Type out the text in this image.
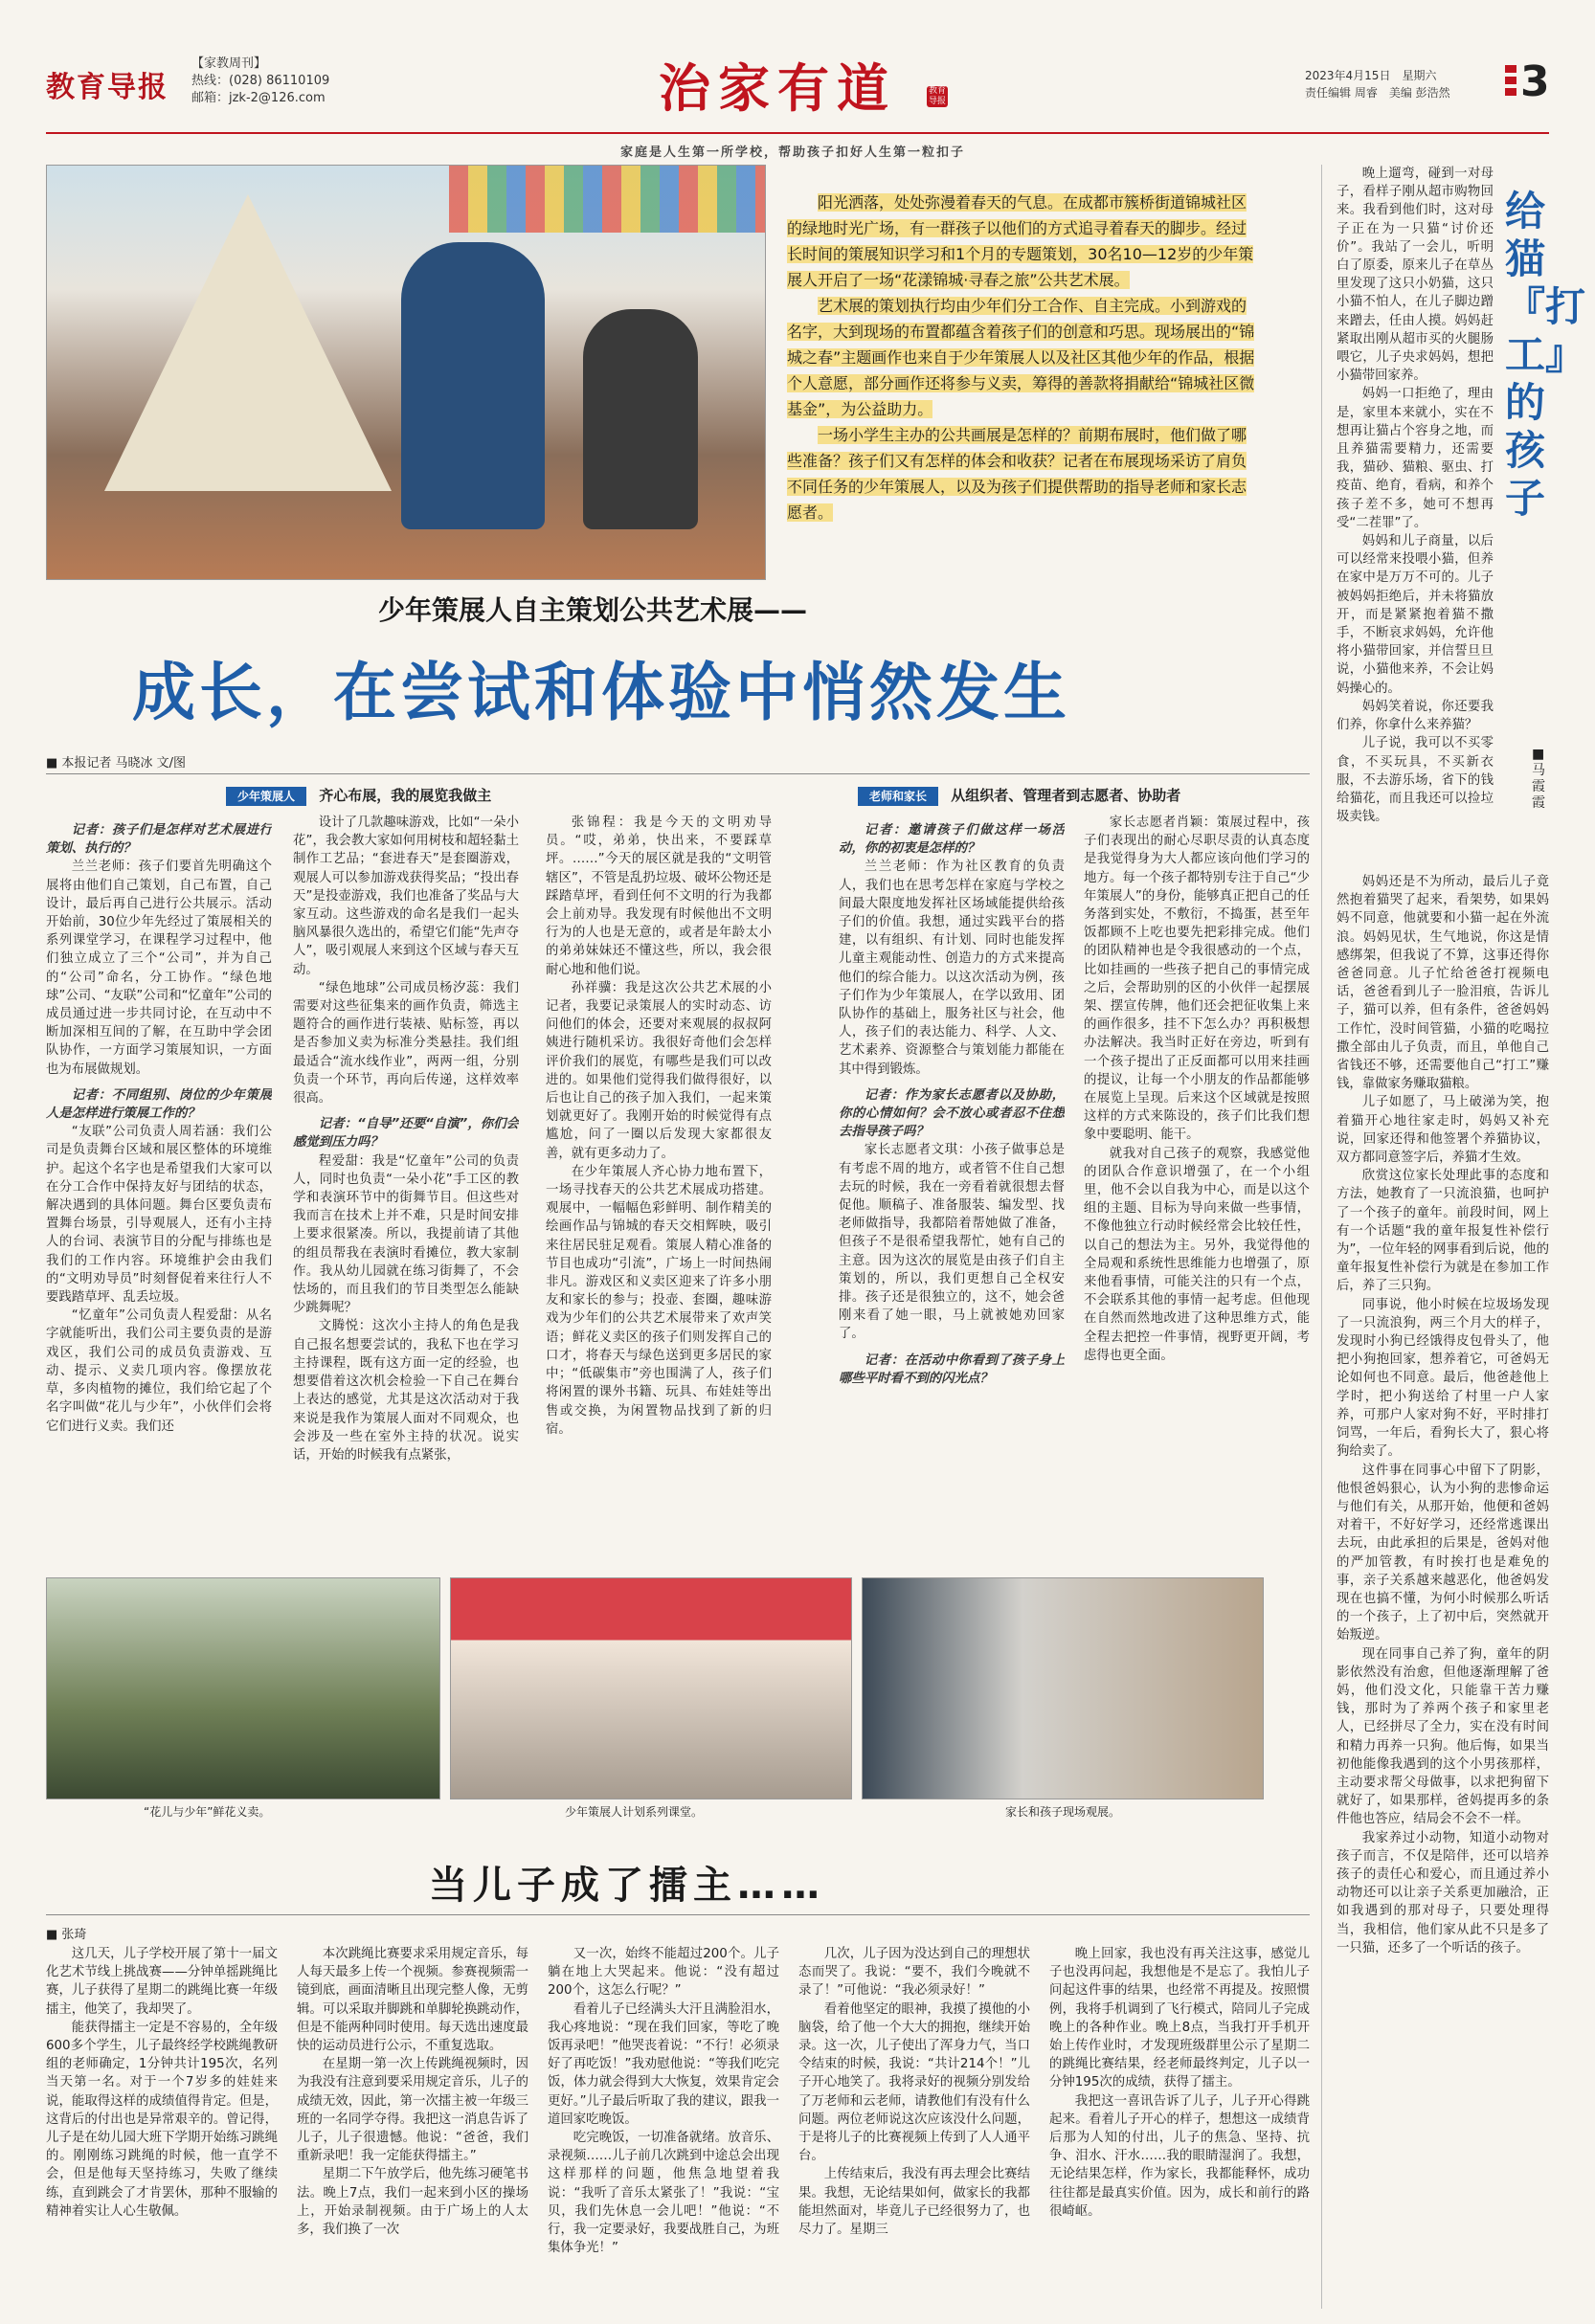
教育导报
【家教周刊】
热线：(028) 86110109
邮箱：jzk-2@126.com	治家有道	教育
导报
家庭是人生第一所学校，帮助孩子扣好人生第一粒扣子
2023年4月15日　星期六
责任编辑 周睿　美编 彭浩然	3

阳光洒落，处处弥漫着春天的气息。在成都市簇桥街道锦城社区的绿地时光广场，有一群孩子以他们的方式追寻着春天的脚步。经过长时间的策展知识学习和1个月的专题策划，30名10—12岁的少年策展人开启了一场“花漾锦城·寻春之旅”公共艺术展。

艺术展的策划执行均由少年们分工合作、自主完成。小到游戏的名字，大到现场的布置都蕴含着孩子们的创意和巧思。现场展出的“锦城之春”主题画作也来自于少年策展人以及社区其他少年的作品，根据个人意愿，部分画作还将参与义卖，筹得的善款将捐献给“锦城社区微基金”，为公益助力。

一场小学生主办的公共画展是怎样的？前期布展时，他们做了哪些准备？孩子们又有怎样的体会和收获？记者在布展现场采访了肩负不同任务的少年策展人，以及为孩子们提供帮助的指导老师和家长志愿者。

少年策展人自主策划公共艺术展——
成长，在尝试和体验中悄然发生
■ 本报记者 马晓冰 文/图
少年策展人 齐心布展，我的展览我做主	老师和家长 从组织者、管理者到志愿者、协助者

记者：孩子们是怎样对艺术展进行策划、执行的？

兰兰老师：孩子们要首先明确这个展将由他们自己策划，自己布置，自己设计，最后再自己进行公共展示。活动开始前，30位少年先经过了策展相关的系列课堂学习，在课程学习过程中，他们独立成立了三个“公司”，并为自己的“公司”命名，分工协作。“绿色地球”公司、“友联”公司和“忆童年”公司的成员通过进一步共同讨论，在互动中不断加深相互间的了解，在互助中学会团队协作，一方面学习策展知识，一方面也为布展做规划。

记者：不同组别、岗位的少年策展人是怎样进行策展工作的？

“友联”公司负责人周若涵：我们公司是负责舞台区域和展区整体的环境维护。起这个名字也是希望我们大家可以在分工合作中保持友好与团结的状态，解决遇到的具体问题。舞台区要负责布置舞台场景，引导观展人，还有小主持人的台词、表演节目的分配与排练也是我们的工作内容。环境维护会由我们的“文明劝导员”时刻督促着来往行人不要践踏草坪、乱丢垃圾。

“忆童年”公司负责人程爱甜：从名字就能听出，我们公司主要负责的是游戏区，我们公司的成员负责游戏、互动、提示、义卖几项内容。像摆放花草，多肉植物的摊位，我们给它起了个名字叫做“花儿与少年”，小伙伴们会将它们进行义卖。我们还

设计了几款趣味游戏，比如“一朵小花”，我会教大家如何用树枝和超轻黏土制作工艺品；“套进春天”是套圈游戏，观展人可以参加游戏获得奖品；“投出春天”是投壶游戏，我们也准备了奖品与大家互动。这些游戏的命名是我们一起头脑风暴很久选出的，希望它们能“先声夺人”，吸引观展人来到这个区域与春天互动。

“绿色地球”公司成员杨汐蕊：我们需要对这些征集来的画作负责，筛选主题符合的画作进行装裱、贴标签，再以是否参加义卖为标准分类悬挂。我们组最适合“流水线作业”，两两一组，分别负责一个环节，再向后传递，这样效率很高。

记者：“自导”还要“自演”，你们会感觉到压力吗？

程爱甜：我是“忆童年”公司的负责人，同时也负责“一朵小花”手工区的教学和表演环节中的街舞节目。但这些对我而言在技术上并不难，只是时间安排上要求很紧凑。所以，我提前请了其他的组员帮我在表演时看摊位，教大家制作。我从幼儿园就在练习街舞了，不会怯场的，而且我们的节目类型怎么能缺少跳舞呢？

文腾悦：这次小主持人的角色是我自己报名想要尝试的，我私下也在学习主持课程，既有这方面一定的经验，也想要借着这次机会检验一下自己在舞台上表达的感觉，尤其是这次活动对于我来说是我作为策展人面对不同观众，也会涉及一些在室外主持的状况。说实话，开始的时候我有点紧张，

张锦程：我是今天的文明劝导员。“哎，弟弟，快出来，不要踩草坪。……”今天的展区就是我的“文明管辖区”，不管是乱扔垃圾、破坏公物还是踩踏草坪，看到任何不文明的行为我都会上前劝导。我发现有时候他出不文明行为的人也是无意的，或者是年龄太小的弟弟妹妹还不懂这些，所以，我会很耐心地和他们说。

孙祥骥：我是这次公共艺术展的小记者，我要记录策展人的实时动态、访问他们的体会，还要对来观展的叔叔阿姨进行随机采访。我很好奇他们会怎样评价我们的展览，有哪些是我们可以改进的。如果他们觉得我们做得很好，以后也让自己的孩子加入我们，一起来策划就更好了。我刚开始的时候觉得有点尴尬，问了一圈以后发现大家都很友善，就有更多动力了。

在少年策展人齐心协力地布置下，一场寻找春天的公共艺术展成功搭建。观展中，一幅幅色彩鲜明、制作精美的绘画作品与锦城的春天交相辉映，吸引来往居民驻足观看。策展人精心准备的节目也成功“引流”，广场上一时间热闹非凡。游戏区和义卖区迎来了许多小朋友和家长的参与；投壶、套圈，趣味游戏为少年们的公共艺术展带来了欢声笑语；鲜花义卖区的孩子们则发挥自己的口才，将春天与绿色送到更多居民的家中；“低碳集市”旁也围满了人，孩子们将闲置的课外书籍、玩具、布娃娃等出售或交换，为闲置物品找到了新的归宿。

记者：邀请孩子们做这样一场活动，你的初衷是怎样的？

兰兰老师：作为社区教育的负责人，我们也在思考怎样在家庭与学校之间最大限度地发挥社区场域能提供给孩子们的价值。我想，通过实践平台的搭建，以有组织、有计划、同时也能发挥儿童主观能动性、创造力的方式来提高他们的综合能力。以这次活动为例，孩子们作为少年策展人，在学以致用、团队协作的基础上，服务社区与社会，他人，孩子们的表达能力、科学、人文、艺术素养、资源整合与策划能力都能在其中得到锻炼。

记者：作为家长志愿者以及协助，你的心情如何？会不放心或者忍不住想去指导孩子吗？

家长志愿者文琪：小孩子做事总是有考虑不周的地方，或者管不住自己想去玩的时候，我在一旁看着就很想去督促他。顺稿子、准备服装、编发型、找老师做指导，我都陪着帮她做了准备，但孩子不是很希望我帮忙，她有自己的主意。因为这次的展览是由孩子们自主策划的，所以，我们更想自己全权安排。孩子还是很独立的，这不，她会爸刚来看了她一眼，马上就被她劝回家了。

记者：在活动中你看到了孩子身上哪些平时看不到的闪光点？

家长志愿者肖颖：策展过程中，孩子们表现出的耐心尽职尽责的认真态度是我觉得身为大人都应该向他们学习的地方。每一个孩子都特别专注于自己“少年策展人”的身份，能够真正把自己的任务落到实处，不敷衍，不捣蛋，甚至年饭都顾不上吃也要先把彩排完成。他们的团队精神也是令我很感动的一个点，比如挂画的一些孩子把自己的事情完成之后，会帮助别的区的小伙伴一起摆展架、摆宣传牌，他们还会把征收集上来的画作很多，挂不下怎么办？再积极想办法解决。我当时正好在旁边，听到有一个孩子提出了正反面都可以用来挂画的提议，让每一个小朋友的作品都能够在展览上呈现。后来这个区域就是按照这样的方式来陈设的，孩子们比我们想象中要聪明、能干。

就我对自己孩子的观察，我感觉他的团队合作意识增强了，在一个小组里，他不会以自我为中心，而是以这个组的主题、目标为导向来做一些事情，不像他独立行动时候经常会比较任性，以自己的想法为主。另外，我觉得他的全局观和系统性思维能力也增强了，原来他看事情，可能关注的只有一个点，不会联系其他的事情一起考虑。但他现在自然而然地改进了这种思维方式，能全程去把控一件事情，视野更开阔，考虑得也更全面。

“花儿与少年”鲜花义卖。	少年策展人计划系列课堂。	家长和孩子现场观展。
当儿子成了擂主……
■ 张琦

这几天，儿子学校开展了第十一届文化艺术节线上挑战赛——分钟单摇跳绳比赛，儿子获得了星期二的跳绳比赛一年级擂主，他笑了，我却哭了。

能获得擂主一定是不容易的，全年级600多个学生，儿子最终经学校跳绳教研组的老师确定，1分钟共计195次，名列当天第一名。对于一个7岁多的娃娃来说，能取得这样的成绩值得肯定。但是，这背后的付出也是异常艰辛的。曾记得，儿子是在幼儿园大班下学期开始练习跳绳的。刚刚练习跳绳的时候，他一直学不会，但是他每天坚持练习，失败了继续练，直到跳会了才肯罢休，那种不服输的精神着实让人心生敬佩。

本次跳绳比赛要求采用规定音乐，每人每天最多上传一个视频。参赛视频需一镜到底，画面清晰且出现完整人像，无剪辑。可以采取并脚跳和单脚轮换跳动作，但是不能两种同时使用。每天选出速度最快的运动员进行公示，不重复选取。

在星期一第一次上传跳绳视频时，因为我没有注意到要采用规定音乐，儿子的成绩无效，因此，第一次擂主被一年级三班的一名同学夺得。我把这一消息告诉了儿子，儿子很遗憾。他说：“爸爸，我们重新录吧！我一定能获得擂主。”

星期二下午放学后，他先练习硬笔书法。晚上7点，我们一起来到小区的操场上，开始录制视频。由于广场上的人太多，我们换了一次

又一次，始终不能超过200个。儿子躺在地上大哭起来。他说：“没有超过200个，这怎么行呢？”

看着儿子已经满头大汗且满脸泪水，我心疼地说：“现在我们回家，等吃了晚饭再录吧！”他哭丧着说：“不行！必须录好了再吃饭！”我劝慰他说：“等我们吃完饭，体力就会得到大大恢复，效果肯定会更好。”儿子最后听取了我的建议，跟我一道回家吃晚饭。

吃完晚饭，一切准备就绪。放音乐、录视频……儿子前几次跳到中途总会出现这样那样的问题，他焦急地望着我说：“我听了音乐太紧张了！”我说：“宝贝，我们先休息一会儿吧！”他说：“不行，我一定要录好，我要战胜自己，为班集体争光！”

几次，儿子因为没达到自己的理想状态而哭了。我说：“要不，我们今晚就不录了！”可他说：“我必须录好！”

看着他坚定的眼神，我摸了摸他的小脑袋，给了他一个大大的拥抱，继续开始录。这一次，儿子使出了浑身力气，当口令结束的时候，我说：“共计214个！”儿子开心地笑了。我将录好的视频分别发给了万老师和云老师，请教他们有没有什么问题。两位老师说这次应该没什么问题，于是将儿子的比赛视频上传到了人人通平台。

上传结束后，我没有再去理会比赛结果。我想，无论结果如何，做家长的我都能坦然面对，毕竟儿子已经很努力了，也尽力了。星期三

晚上回家，我也没有再关注这事，感觉儿子也没再问起，我想他是不是忘了。我怕儿子问起这件事的结果，也经常不再提及。按照惯例，我将手机调到了飞行模式，陪同儿子完成晚上的各种作业。晚上8点，当我打开手机开始上传作业时，才发现班级群里公示了星期二的跳绳比赛结果，经老师最终判定，儿子以一分钟195次的成绩，获得了擂主。

我把这一喜讯告诉了儿子，儿子开心得跳起来。看着儿子开心的样子，想想这一成绩背后那为人知的付出，儿子的焦急、坚持、抗争、泪水、汗水……我的眼睛湿润了。我想，无论结果怎样，作为家长，我都能释怀，成功往往都是最真实价值。因为，成长和前行的路很崎岖。

给猫『打工』的孩子
■马霞霞

晚上遛弯，碰到一对母子，看样子刚从超市购物回来。我看到他们时，这对母子正在为一只猫“讨价还价”。我站了一会儿，听明白了原委，原来儿子在草丛里发现了这只小奶猫，这只小猫不怕人，在儿子脚边蹭来蹭去，任由人摸。妈妈赶紧取出刚从超市买的火腿肠喂它，儿子央求妈妈，想把小猫带回家养。

妈妈一口拒绝了，理由是，家里本来就小，实在不想再让猫占个容身之地，而且养猫需要精力，还需要我，猫砂、猫粮、驱虫、打疫苗、绝育，看病，和养个孩子差不多，她可不想再受“二茬罪”了。

妈妈和儿子商量，以后可以经常来投喂小猫，但养在家中是万万不可的。儿子被妈妈拒绝后，并未将猫放开，而是紧紧抱着猫不撒手，不断哀求妈妈，允许他将小猫带回家，并信誓旦旦说，小猫他来养，不会让妈妈操心的。

妈妈笑着说，你还要我们养，你拿什么来养猫？

儿子说，我可以不买零食，不买玩具，不买新衣服，不去游乐场，省下的钱给猫花，而且我还可以捡垃圾卖钱。

妈妈还是不为所动，最后儿子竟然抱着猫哭了起来，看架势，如果妈妈不同意，他就要和小猫一起在外流浪。妈妈见状，生气地说，你这是情感绑架，但我说了不算，这事还得你爸爸同意。儿子忙给爸爸打视频电话，爸爸看到儿子一脸泪痕，告诉儿子，猫可以养，但有条件，爸爸妈妈工作忙，没时间管猫，小猫的吃喝拉撒全部由儿子负责，而且，单他自己省钱还不够，还需要他自己“打工”赚钱，靠做家务赚取猫粮。

儿子如愿了，马上破涕为笑，抱着猫开心地往家走时，妈妈又补充说，回家还得和他签署个养猫协议，双方都同意签字后，养猫才生效。

欣赏这位家长处理此事的态度和方法，她教育了一只流浪猫，也呵护了一个孩子的童年。前段时间，网上有一个话题“我的童年报复性补偿行为”，一位年轻的网事看到后说，他的童年报复性补偿行为就是在参加工作后，养了三只狗。

同事说，他小时候在垃圾场发现了一只流浪狗，两三个月大的样子，发现时小狗已经饿得皮包骨头了，他把小狗抱回家，想养着它，可爸妈无论如何也不同意。最后，他爸趁他上学时，把小狗送给了村里一户人家养，可那户人家对狗不好，平时排打饲骂，一年后，看狗长大了，狠心将狗给卖了。

这件事在同事心中留下了阴影，他恨爸妈狠心，认为小狗的悲惨命运与他们有关，从那开始，他便和爸妈对着干，不好好学习，还经常逃课出去玩，由此承担的后果是，爸妈对他的严加管教，有时挨打也是难免的事，亲子关系越来越恶化，他爸妈发现在也搞不懂，为何小时候那么听话的一个孩子，上了初中后，突然就开始叛逆。

现在同事自己养了狗，童年的阴影依然没有治愈，但他逐渐理解了爸妈，他们没文化，只能靠干苦力赚钱，那时为了养两个孩子和家里老人，已经拼尽了全力，实在没有时间和精力再养一只狗。他后悔，如果当初他能像我遇到的这个小男孩那样，主动要求帮父母做事，以求把狗留下就好了，如果那样，爸妈提再多的条件他也答应，结局会不会不一样。

我家养过小动物，知道小动物对孩子而言，不仅是陪伴，还可以培养孩子的责任心和爱心，而且通过养小动物还可以让亲子关系更加融洽，正如我遇到的那对母子，只要处理得当，我相信，他们家从此不只是多了一只猫，还多了一个听话的孩子。
